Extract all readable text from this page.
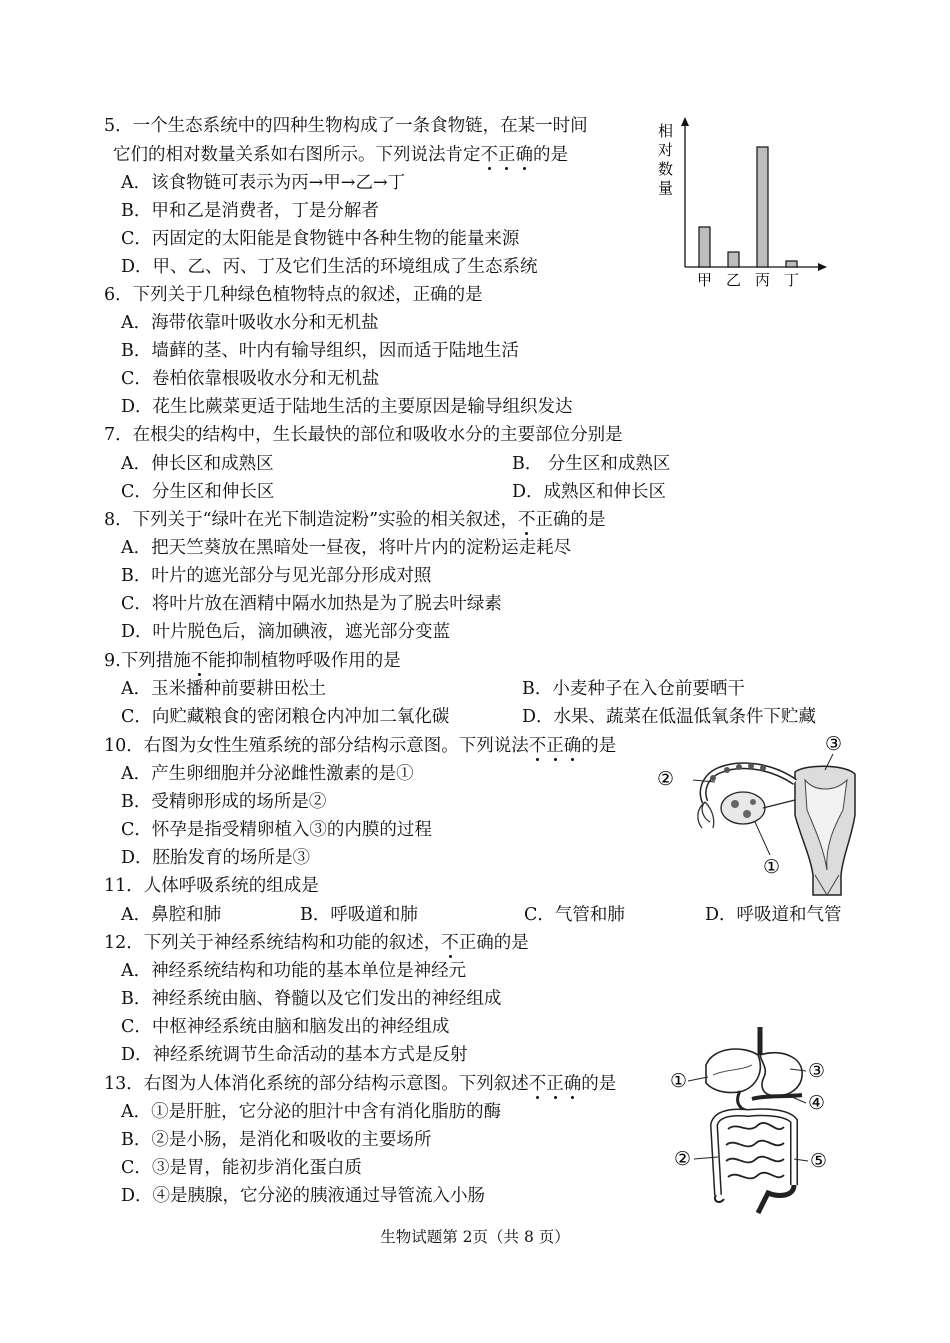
5．一个生态系统中的四种生物构成了一条食物链，在某一时间
它们的相对数量关系如右图所示。下列说法肯定不正确的是
A．该食物链可表示为丙→甲→乙→丁
B．甲和乙是消费者，丁是分解者
C．丙固定的太阳能是食物链中各种生物的能量来源
D．甲、乙、丙、丁及它们生活的环境组成了生态系统
相
对
数
量
甲 乙 丙 丁
6．下列关于几种绿色植物特点的叙述，正确的是
A．海带依靠叶吸收水分和无机盐
B．墙藓的茎、叶内有输导组织，因而适于陆地生活
C．卷柏依靠根吸收水分和无机盐
D．花生比蕨菜更适于陆地生活的主要原因是输导组织发达
7．在根尖的结构中，生长最快的部位和吸收水分的主要部位分别是
A．伸长区和成熟区	B． 分生区和成熟区
C．分生区和伸长区	D．成熟区和伸长区
8．下列关于“绿叶在光下制造淀粉”实验的相关叙述，不正确的是
A．把天竺葵放在黑暗处一昼夜，将叶片内的淀粉运走耗尽
B．叶片的遮光部分与见光部分形成对照
C．将叶片放在酒精中隔水加热是为了脱去叶绿素
D．叶片脱色后，滴加碘液，遮光部分变蓝
9.下列措施不能抑制植物呼吸作用的是
A．玉米播种前要耕田松土	B．小麦种子在入仓前要晒干
C．向贮藏粮食的密闭粮仓内冲加二氧化碳	D．水果、蔬菜在低温低氧条件下贮藏
10．右图为女性生殖系统的部分结构示意图。下列说法不正确的是
A．产生卵细胞并分泌雌性激素的是①
B．受精卵形成的场所是②
C．怀孕是指受精卵植入③的内膜的过程
D．胚胎发育的场所是③
③
②
①
11．人体呼吸系统的组成是
A．鼻腔和肺	B．呼吸道和肺	C．气管和肺	D．呼吸道和气管
12．下列关于神经系统结构和功能的叙述，不正确的是
A．神经系统结构和功能的基本单位是神经元
B．神经系统由脑、脊髓以及它们发出的神经组成
C．中枢神经系统由脑和脑发出的神经组成
D．神经系统调节生命活动的基本方式是反射
13．右图为人体消化系统的部分结构示意图。下列叙述不正确的是
A．①是肝脏，它分泌的胆汁中含有消化脂肪的酶
B．②是小肠，是消化和吸收的主要场所
C．③是胃，能初步消化蛋白质
D．④是胰腺，它分泌的胰液通过导管流入小肠
①	③
④
②	⑤
生物试题第 2页（共 8 页）
